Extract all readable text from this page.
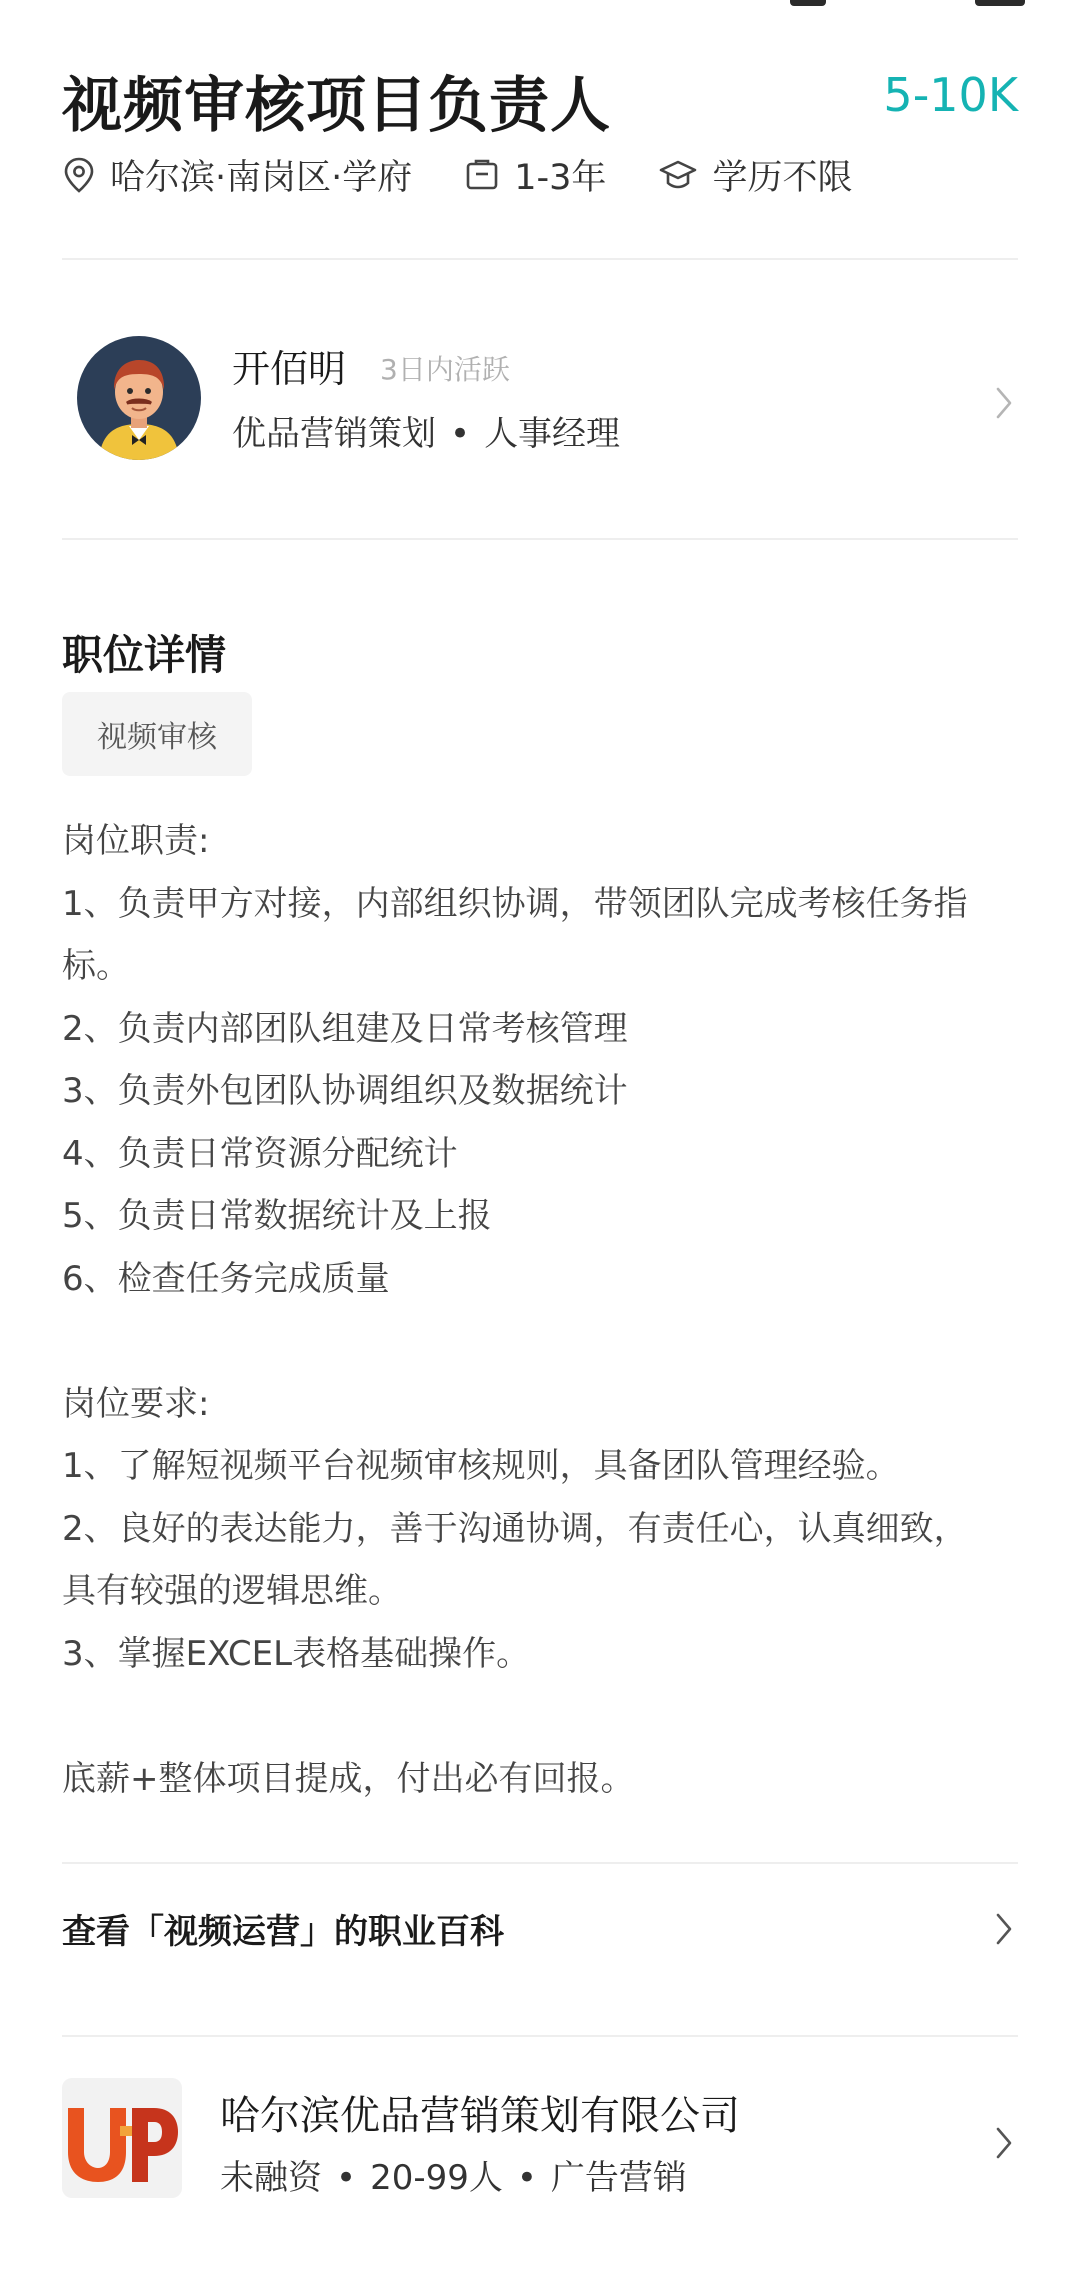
视频审核项目负责人	5-10K
哈尔滨·南岗区·学府	1-3年	学历不限
开佰明 3日内活跃
优品营销策划 • 人事经理
职位详情
视频审核
岗位职责:
1、负责甲方对接，内部组织协调，带领团队完成考核任务指
标。
2、负责内部团队组建及日常考核管理
3、负责外包团队协调组织及数据统计
4、负责日常资源分配统计
5、负责日常数据统计及上报
6、检查任务完成质量
岗位要求:
1、了解短视频平台视频审核规则，具备团队管理经验。
2、良好的表达能力，善于沟通协调，有责任心，认真细致，
具有较强的逻辑思维。
3、掌握EXCEL表格基础操作。
底薪+整体项目提成，付出必有回报。
查看「视频运营」的职业百科
哈尔滨优品营销策划有限公司
未融资 • 20-99人 • 广告营销
